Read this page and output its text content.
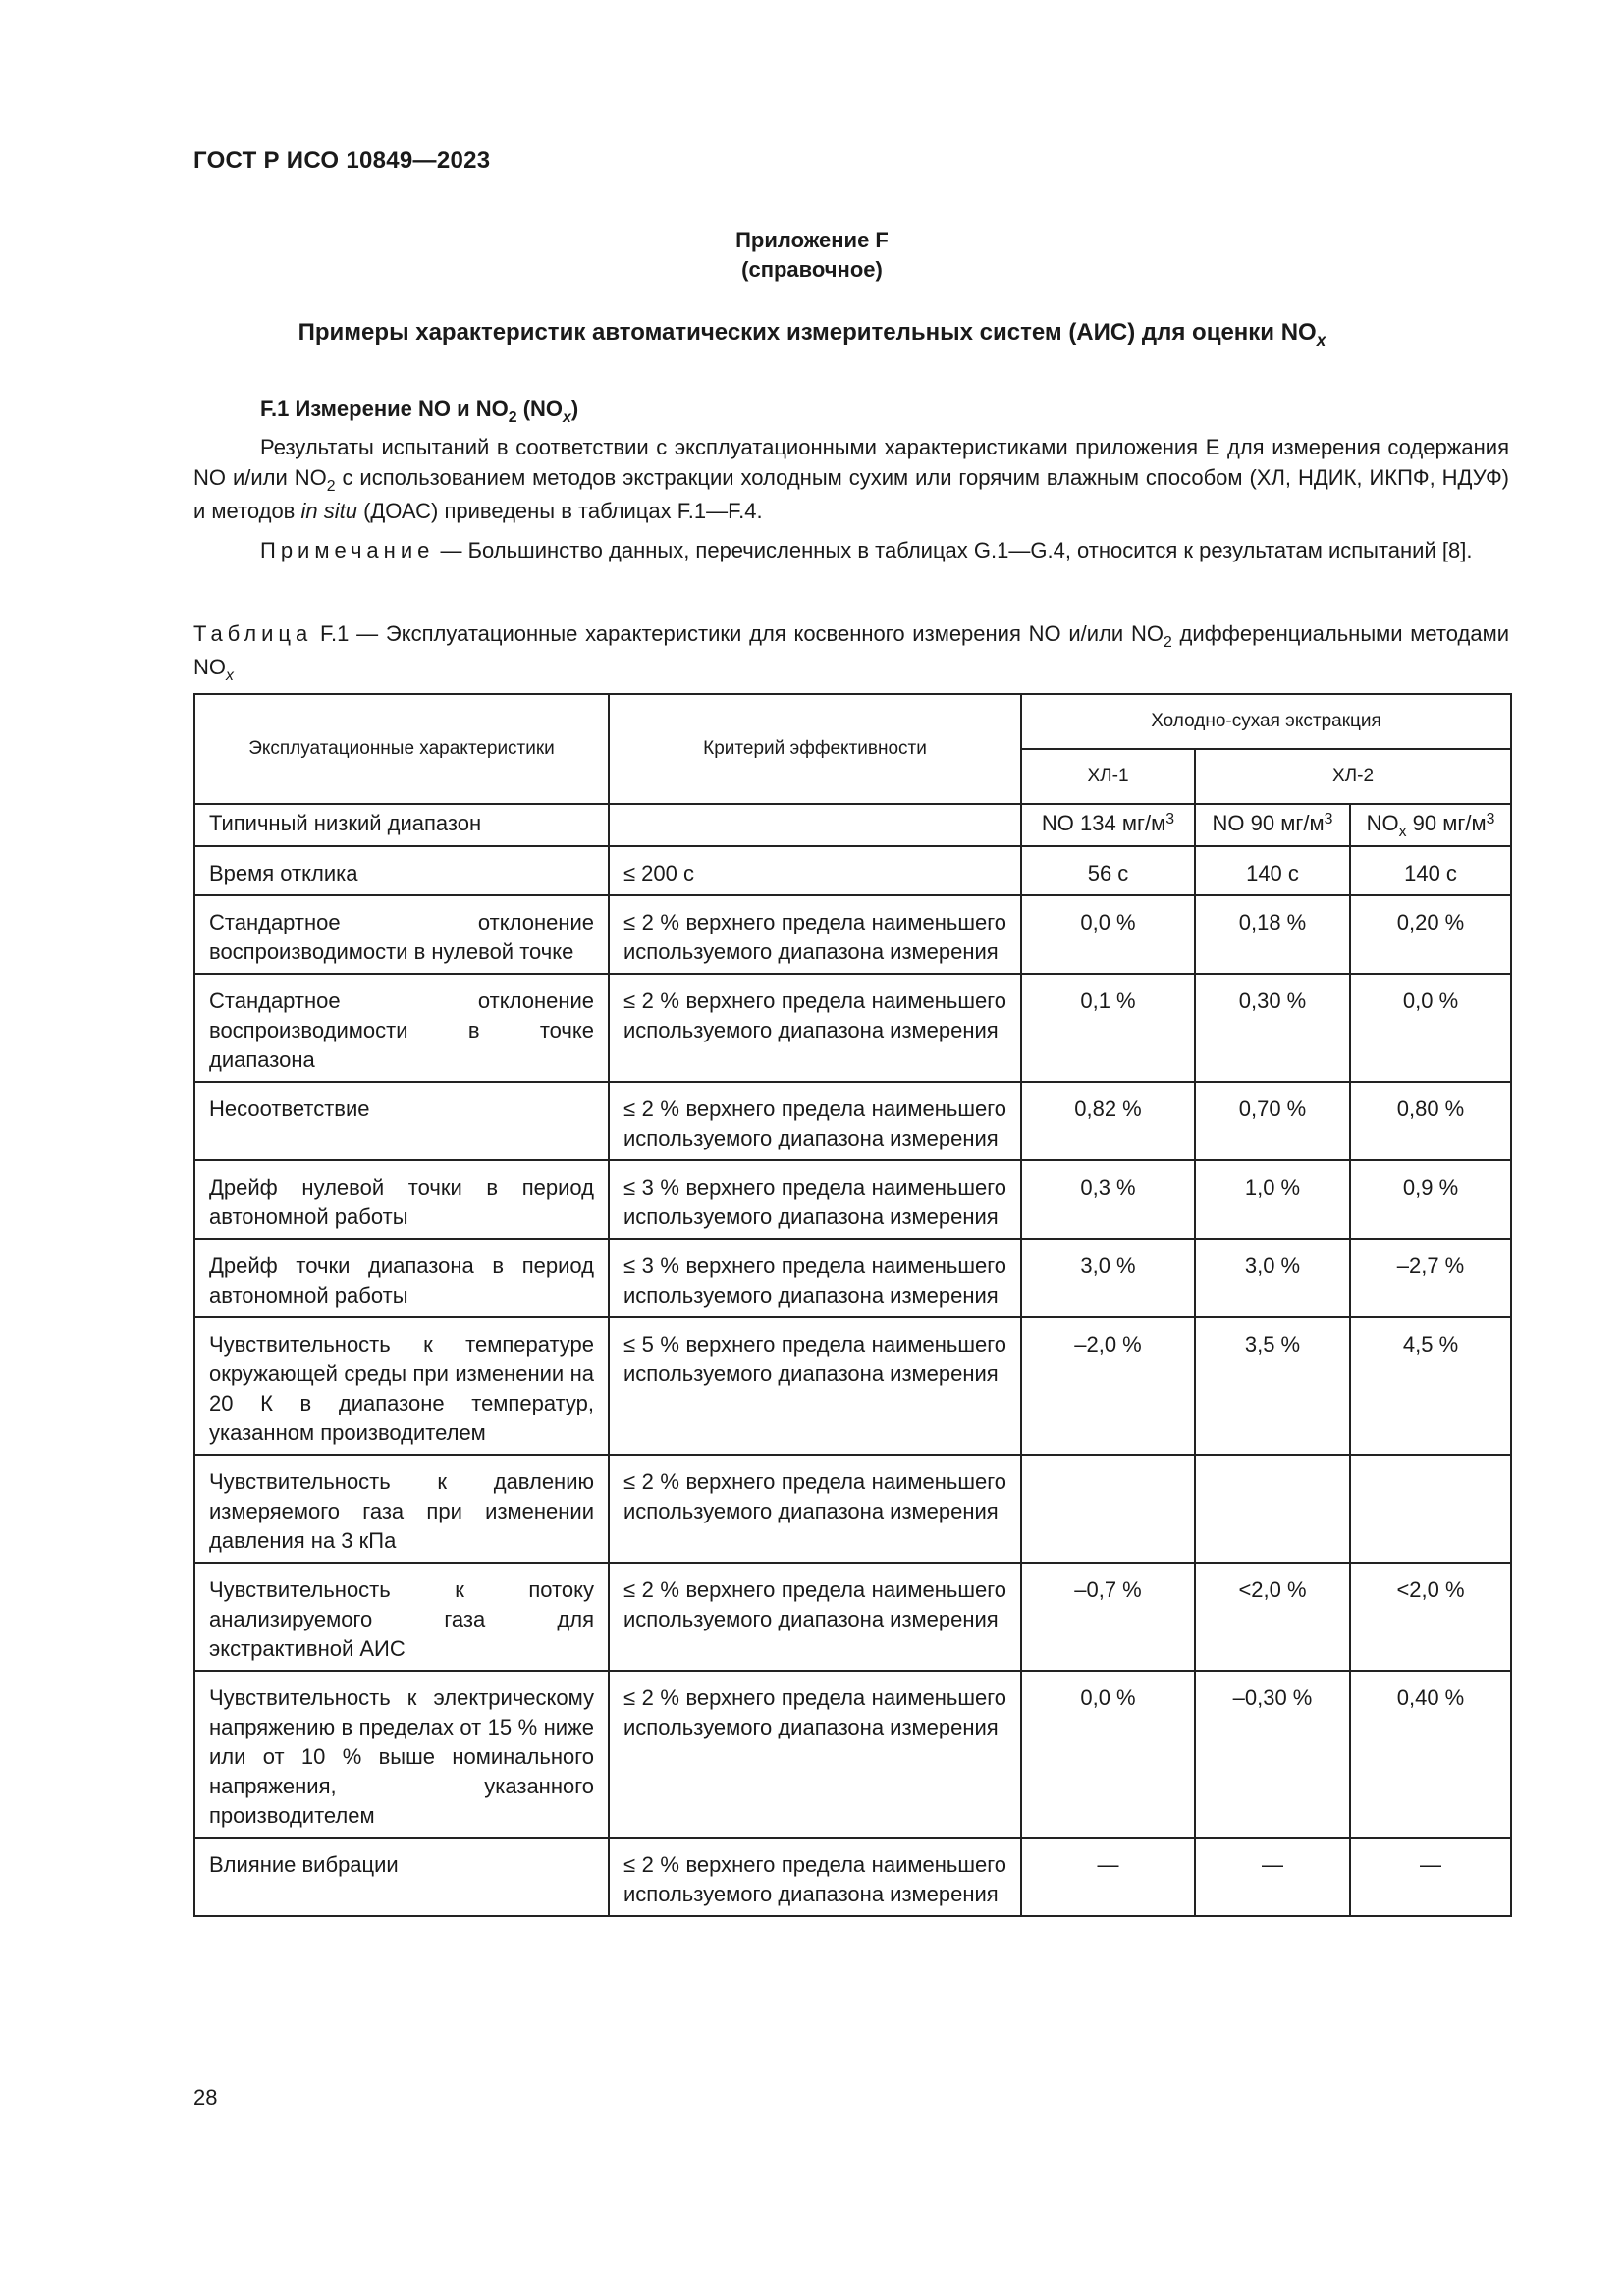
ГОСТ Р ИСО 10849—2023
Приложение F
(справочное)
Примеры характеристик автоматических измерительных систем (АИС) для оценки $NO_x$
F.1 Измерение NO и $NO_2$ $(NO_x)$
Результаты испытаний в соответствии с эксплуатационными характеристиками приложения E для измерения содержания NO и/или $NO_2$ с использованием методов экстракции холодным сухим или горячим влажным способом (ХЛ, НДИК, ИКПФ, НДУФ) и методов in situ (ДОАС) приведены в таблицах F.1—F.4.
Примечание — Большинство данных, перечисленных в таблицах G.1—G.4, относится к результатам испытаний [8].
Таблица F.1 — Эксплуатационные характеристики для косвенного измерения NO и/или $NO_2$ дифференциальными методами $NO_x$
Эксплуатационные характеристики	Критерий эффективности	Холодно-сухая экстракция		
		ХЛ-1	ХЛ-2	
Типичный низкий диапазон		NO 134 $мг/м^3$	NO 90 $мг/м^3$	$NO_x$ 90 $мг/м^3$
Время отклика	≤ 200 с	56 с	140 с	140 с
Стандартное отклонение воспроизводимости в нулевой точке	≤ 2 % верхнего предела наименьшего используемого диапазона измерения	0,0 %	0,18 %	0,20 %
Стандартное отклонение воспроизводимости в точке диапазона	≤ 2 % верхнего предела наименьшего используемого диапазона измерения	0,1 %	0,30 %	0,0 %
Несоответствие	≤ 2 % верхнего предела наименьшего используемого диапазона измерения	0,82 %	0,70 %	0,80 %
Дрейф нулевой точки в период автономной работы	≤ 3 % верхнего предела наименьшего используемого диапазона измерения	0,3 %	1,0 %	0,9 %
Дрейф точки диапазона в период автономной работы	≤ 3 % верхнего предела наименьшего используемого диапазона измерения	3,0 %	3,0 %	–2,7 %
Чувствительность к температуре окружающей среды при изменении на 20 К в диапазоне температур, указанном производителем	≤ 5 % верхнего предела наименьшего используемого диапазона измерения	–2,0 %	3,5 %	4,5 %
Чувствительность к давлению измеряемого газа при изменении давления на 3 кПа	≤ 2 % верхнего предела наименьшего используемого диапазона измерения			
Чувствительность к потоку анализируемого газа для экстрактивной АИС	≤ 2 % верхнего предела наименьшего используемого диапазона измерения	–0,7 %	<2,0 %	<2,0 %
Чувствительность к электрическому напряжению в пределах от 15 % ниже или от 10 % выше номинального напряжения, указанного производителем	≤ 2 % верхнего предела наименьшего используемого диапазона измерения	0,0 %	–0,30 %	0,40 %
Влияние вибрации	≤ 2 % верхнего предела наименьшего используемого диапазона измерения	—	—	—
28
